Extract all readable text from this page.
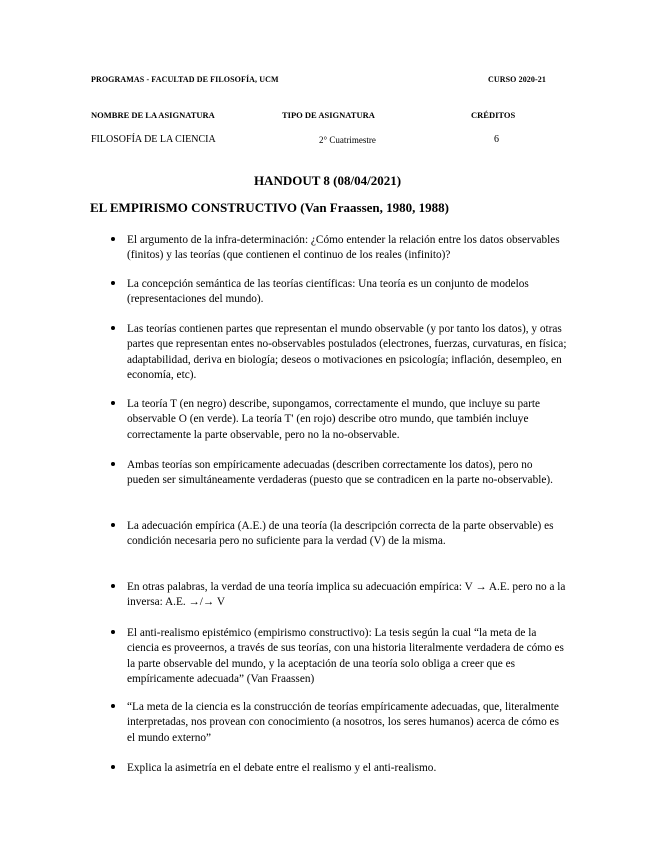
PROGRAMAS - FACULTAD DE FILOSOFÍA, UCM	CURSO 2020-21
NOMBRE DE LA ASIGNATURA	TIPO DE ASIGNATURA	CRÉDITOS
FILOSOFÍA DE LA CIENCIA	2° Cuatrimestre	6
HANDOUT 8 (08/04/2021)
EL EMPIRISMO CONSTRUCTIVO (Van Fraassen, 1980, 1988)
El argumento de la infra-determinación: ¿Cómo entender la relación entre los datos observables (finitos) y las teorías (que contienen el continuo de los reales (infinito)?
La concepción semántica de las teorías científicas: Una teoría es un conjunto de modelos (representaciones del mundo).
Las teorías contienen partes que representan el mundo observable (y por tanto los datos), y otras partes que representan entes no-observables postulados (electrones, fuerzas, curvaturas, en física; adaptabilidad, deriva en biología; deseos o motivaciones en psicología; inflación, desempleo, en economía, etc).
La teoría T (en negro) describe, supongamos, correctamente el mundo, que incluye su parte observable O (en verde). La teoría T' (en rojo) describe otro mundo, que también incluye correctamente la parte observable, pero no la no-observable.
Ambas teorías son empíricamente adecuadas (describen correctamente los datos), pero no pueden ser simultáneamente verdaderas (puesto que se contradicen en la parte no-observable).
La adecuación empírica (A.E.) de una teoría (la descripción correcta de la parte observable) es condición necesaria pero no suficiente para la verdad (V) de la misma.
En otras palabras, la verdad de una teoría implica su adecuación empírica: V → A.E. pero no a la inversa: A.E. →/→ V
El anti-realismo epistémico (empirismo constructivo): La tesis según la cual “la meta de la ciencia es proveernos, a través de sus teorías, con una historia literalmente verdadera de cómo es la parte observable del mundo, y la aceptación de una teoría solo obliga a creer que es empíricamente adecuada” (Van Fraassen)
“La meta de la ciencia es la construcción de teorías empíricamente adecuadas, que, literalmente interpretadas, nos provean con conocimiento (a nosotros, los seres humanos) acerca de cómo es el mundo externo”
Explica la asimetría en el debate entre el realismo y el anti-realismo.
